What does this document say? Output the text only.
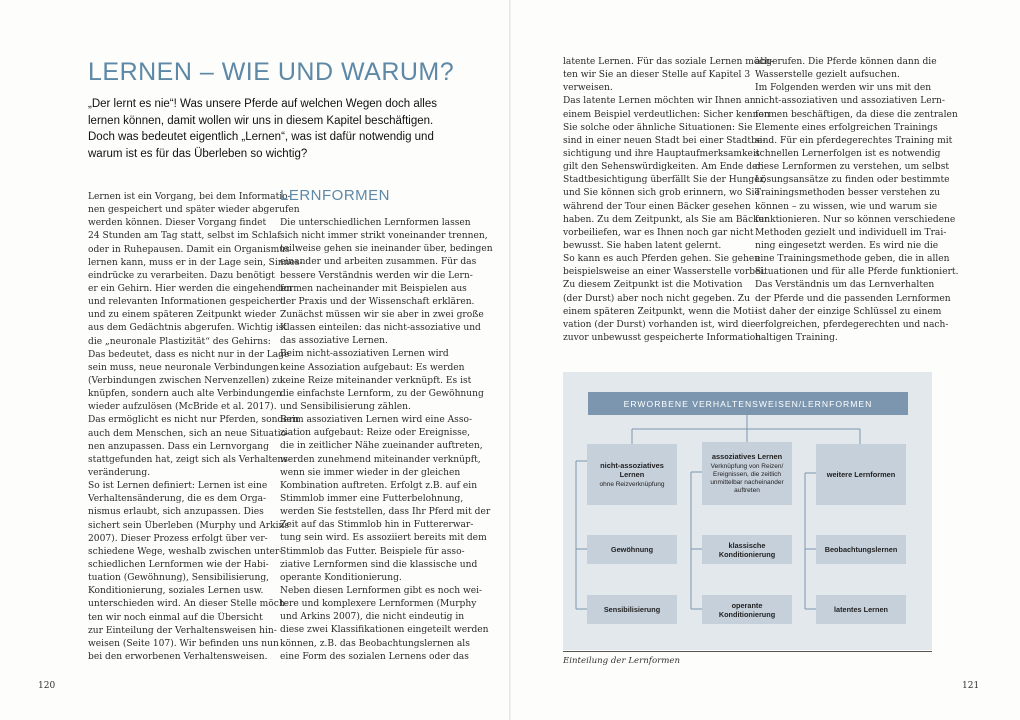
LERNEN – WIE UND WARUM?
„Der lernt es nie“! Was unsere Pferde auf welchen Wegen doch alles lernen können, damit wollen wir uns in diesem Kapitel beschäftigen. Doch was bedeutet eigentlich „Lernen“, was ist dafür notwendig und warum ist es für das Überleben so wichtig?
Lernen ist ein Vorgang, bei dem Informatio-
nen gespeichert und später wieder abgerufen
werden können. Dieser Vorgang findet
24 Stunden am Tag statt, selbst im Schlaf
oder in Ruhepausen. Damit ein Organismus
lernen kann, muss er in der Lage sein, Sinnes-
eindrücke zu verarbeiten. Dazu benötigt
er ein Gehirn. Hier werden die eingehenden
und relevanten Informationen gespeichert
und zu einem späteren Zeitpunkt wieder
aus dem Gedächtnis abgerufen. Wichtig ist
die „neuronale Plastizität“ des Gehirns:
Das bedeutet, dass es nicht nur in der Lage
sein muss, neue neuronale Verbindungen
(Verbindungen zwischen Nervenzellen) zu
knüpfen, sondern auch alte Verbindungen
wieder aufzulösen (McBride et al. 2017).
Das ermöglicht es nicht nur Pferden, sondern
auch dem Menschen, sich an neue Situatio-
nen anzupassen. Dass ein Lernvorgang
stattgefunden hat, zeigt sich als Verhaltens-
veränderung.
So ist Lernen definiert: Lernen ist eine
Verhaltensänderung, die es dem Orga-
nismus erlaubt, sich anzupassen. Dies
sichert sein Überleben (Murphy und Arkins
2007). Dieser Prozess erfolgt über ver-
schiedene Wege, weshalb zwischen unter-
schiedlichen Lernformen wie der Habi-
tuation (Gewöhnung), Sensibilisierung,
Konditionierung, soziales Lernen usw.
unterschieden wird. An dieser Stelle möch-
ten wir noch einmal auf die Übersicht
zur Einteilung der Verhaltensweisen hin-
weisen (Seite 107). Wir befinden uns nun
bei den erworbenen Verhaltensweisen.
LERNFORMEN
Die unterschiedlichen Lernformen lassen
sich nicht immer strikt voneinander trennen,
teilweise gehen sie ineinander über, bedingen
einander und arbeiten zusammen. Für das
bessere Verständnis werden wir die Lern-
formen nacheinander mit Beispielen aus
der Praxis und der Wissenschaft erklären.
Zunächst müssen wir sie aber in zwei große
Klassen einteilen: das nicht-assoziative und
das assoziative Lernen.
Beim nicht-assoziativen Lernen wird
keine Assoziation aufgebaut: Es werden
keine Reize miteinander verknüpft. Es ist
die einfachste Lernform, zu der Gewöhnung
und Sensibilisierung zählen.
Beim assoziativen Lernen wird eine Asso-
ziation aufgebaut: Reize oder Ereignisse,
die in zeitlicher Nähe zueinander auftreten,
werden zunehmend miteinander verknüpft,
wenn sie immer wieder in der gleichen
Kombination auftreten. Erfolgt z.B. auf ein
Stimmlob immer eine Futterbelohnung,
werden Sie feststellen, dass Ihr Pferd mit der
Zeit auf das Stimmlob hin in Futtererwar-
tung sein wird. Es assoziiert bereits mit dem
Stimmlob das Futter. Beispiele für asso-
ziative Lernformen sind die klassische und
operante Konditionierung.
Neben diesen Lernformen gibt es noch wei-
tere und komplexere Lernformen (Murphy
und Arkins 2007), die nicht eindeutig in
diese zwei Klassifikationen eingeteilt werden
können, z.B. das Beobachtungslernen als
eine Form des sozialen Lernens oder das
120
latente Lernen. Für das soziale Lernen möch-
ten wir Sie an dieser Stelle auf Kapitel 3
verweisen.
Das latente Lernen möchten wir Ihnen an
einem Beispiel verdeutlichen: Sicher kennen
Sie solche oder ähnliche Situationen: Sie
sind in einer neuen Stadt bei einer Stadtbe-
sichtigung und ihre Hauptaufmerksamkeit
gilt den Sehenswürdigkeiten. Am Ende der
Stadtbesichtigung überfällt Sie der Hunger,
und Sie können sich grob erinnern, wo Sie
während der Tour einen Bäcker gesehen
haben. Zu dem Zeitpunkt, als Sie am Bäcker
vorbeiliefen, war es Ihnen noch gar nicht
bewusst. Sie haben latent gelernt.
So kann es auch Pferden gehen. Sie gehen
beispielsweise an einer Wasserstelle vorbei.
Zu diesem Zeitpunkt ist die Motivation
(der Durst) aber noch nicht gegeben. Zu
einem späteren Zeitpunkt, wenn die Moti-
vation (der Durst) vorhanden ist, wird die
zuvor unbewusst gespeicherte Information
abgerufen. Die Pferde können dann die
Wasserstelle gezielt aufsuchen.
Im Folgenden werden wir uns mit den
nicht-assoziativen und assoziativen Lern-
formen beschäftigen, da diese die zentralen
Elemente eines erfolgreichen Trainings
sind. Für ein pferdegerechtes Training mit
schnellen Lernerfolgen ist es notwendig
diese Lernformen zu verstehen, um selbst
Lösungsansätze zu finden oder bestimmte
Trainingsmethoden besser verstehen zu
können – zu wissen, wie und warum sie
funktionieren. Nur so können verschiedene
Methoden gezielt und individuell im Trai-
ning eingesetzt werden. Es wird nie die
eine Trainingsmethode geben, die in allen
Situationen und für alle Pferde funktioniert.
Das Verständnis um das Lernverhalten
der Pferde und die passenden Lernformen
ist daher der einzige Schlüssel zu einem
erfolgreichen, pferdegerechten und nach-
haltigen Training.
ERWORBENE VERHALTENSWEISEN/LERNFORMEN
nicht-assoziatives Lernen
ohne Reizverknüpfung
assoziatives Lernen
Verknüpfung von Reizen/ Ereignissen, die zeitlich unmittelbar nacheinander auftreten
weitere Lernformen
Gewöhnung
Sensibilisierung
klassische Konditionierung
operante Konditionierung
Beobachtungslernen
latentes Lernen
Einteilung der Lernformen
121
